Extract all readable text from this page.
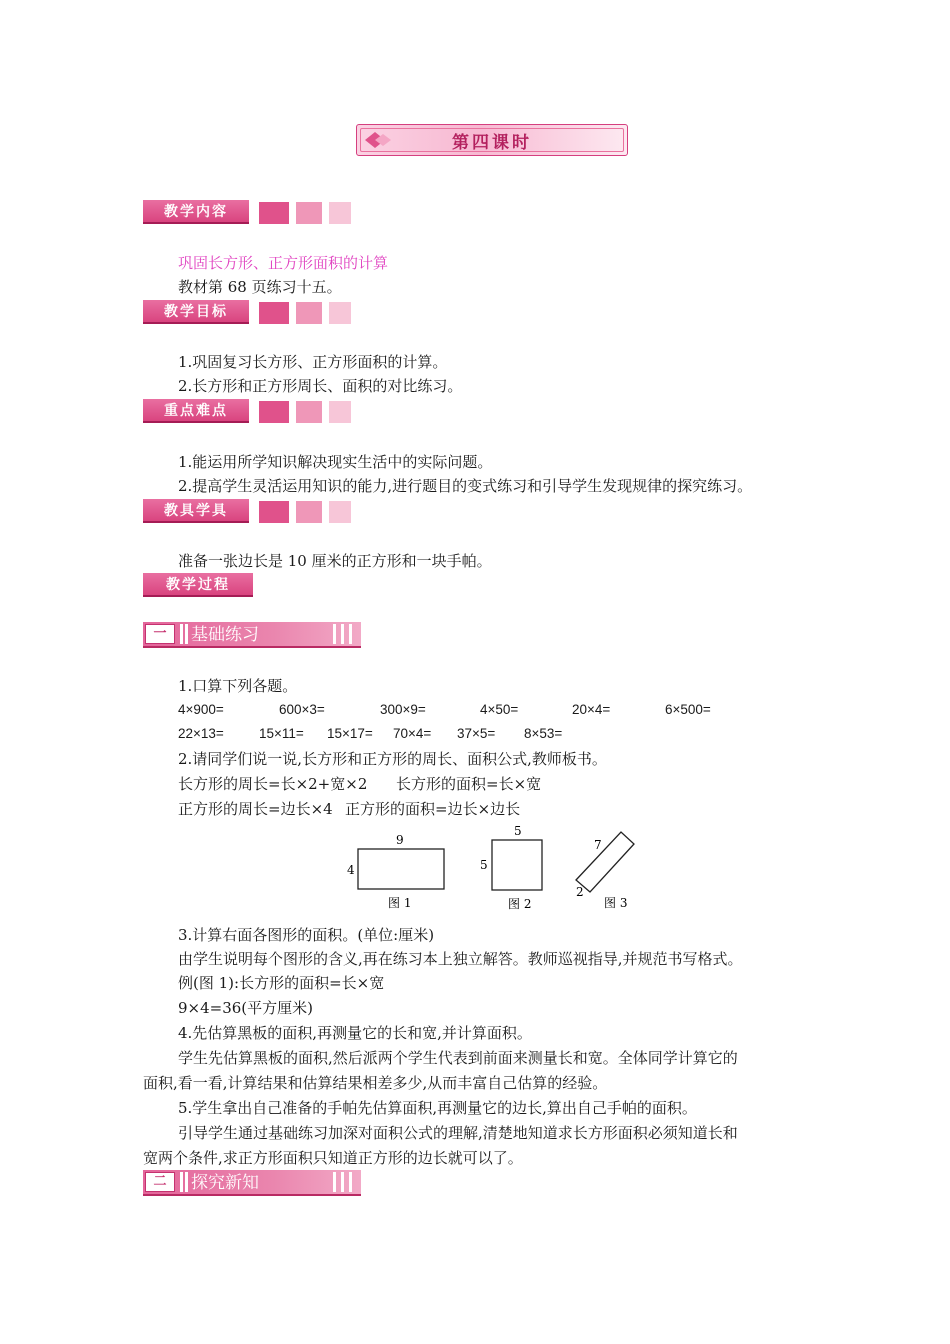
第四课时
教学内容
巩固长方形、正方形面积的计算
教材第 68 页练习十五。
教学目标
1.巩固复习长方形、正方形面积的计算。
2.长方形和正方形周长、面积的对比练习。
重点难点
1.能运用所学知识解决现实生活中的实际问题。
2.提高学生灵活运用知识的能力,进行题目的变式练习和引导学生发现规律的探究练习。
教具学具
准备一张边长是 10 厘米的正方形和一块手帕。
教学过程
一	基础练习
1.口算下列各题。
4×900=	600×3=	300×9=	4×50=	20×4=	6×500=
22×13=	15×11= 15×17= 70×4= 37×5= 8×53=
2.请同学们说一说,长方形和正方形的周长、面积公式,教师板书。
长方形的周长=长×2+宽×2 长方形的面积=长×宽
正方形的周长=边长×4 正方形的面积=边长×边长
9
4
图 1
5
5
图 2
7
2
图 3
3.计算右面各图形的面积。(单位:厘米)
由学生说明每个图形的含义,再在练习本上独立解答。教师巡视指导,并规范书写格式。
例(图 1):长方形的面积=长×宽
9×4=36(平方厘米)
4.先估算黑板的面积,再测量它的长和宽,并计算面积。
学生先估算黑板的面积,然后派两个学生代表到前面来测量长和宽。全体同学计算它的
面积,看一看,计算结果和估算结果相差多少,从而丰富自己估算的经验。
5.学生拿出自己准备的手帕先估算面积,再测量它的边长,算出自己手帕的面积。
引导学生通过基础练习加深对面积公式的理解,清楚地知道求长方形面积必须知道长和
宽两个条件,求正方形面积只知道正方形的边长就可以了。
二	探究新知
